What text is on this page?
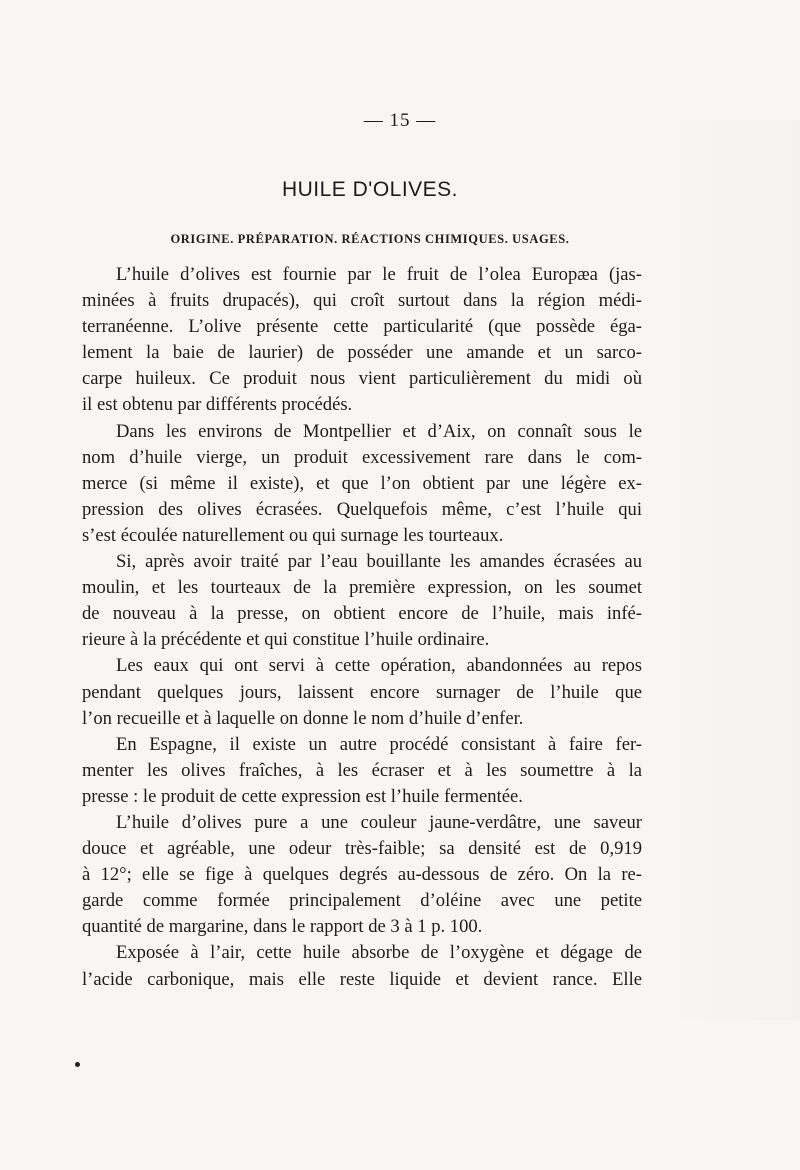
— 15 —
HUILE D'OLIVES.
ORIGINE. PRÉPARATION. RÉACTIONS CHIMIQUES. USAGES.
L’huile d’olives est fournie par le fruit de l’olea Europæa (jas-
minées à fruits drupacés), qui croît surtout dans la région médi-
terranéenne. L’olive présente cette particularité (que possède éga-
lement la baie de laurier) de posséder une amande et un sarco-
carpe huileux. Ce produit nous vient particulièrement du midi où
il est obtenu par différents procédés.
Dans les environs de Montpellier et d’Aix, on connaît sous le
nom d’huile vierge, un produit excessivement rare dans le com-
merce (si même il existe), et que l’on obtient par une légère ex-
pression des olives écrasées. Quelquefois même, c’est l’huile qui
s’est écoulée naturellement ou qui surnage les tourteaux.
Si, après avoir traité par l’eau bouillante les amandes écrasées au
moulin, et les tourteaux de la première expression, on les soumet
de nouveau à la presse, on obtient encore de l’huile, mais infé-
rieure à la précédente et qui constitue l’huile ordinaire.
Les eaux qui ont servi à cette opération, abandonnées au repos
pendant quelques jours, laissent encore surnager de l’huile que
l’on recueille et à laquelle on donne le nom d’huile d’enfer.
En Espagne, il existe un autre procédé consistant à faire fer-
menter les olives fraîches, à les écraser et à les soumettre à la
presse : le produit de cette expression est l’huile fermentée.
L’huile d’olives pure a une couleur jaune-verdâtre, une saveur
douce et agréable, une odeur très-faible; sa densité est de 0,919
à 12°; elle se fige à quelques degrés au-dessous de zéro. On la re-
garde comme formée principalement d’oléine avec une petite
quantité de margarine, dans le rapport de 3 à 1 p. 100.
Exposée à l’air, cette huile absorbe de l’oxygène et dégage de
l’acide carbonique, mais elle reste liquide et devient rance. Elle
